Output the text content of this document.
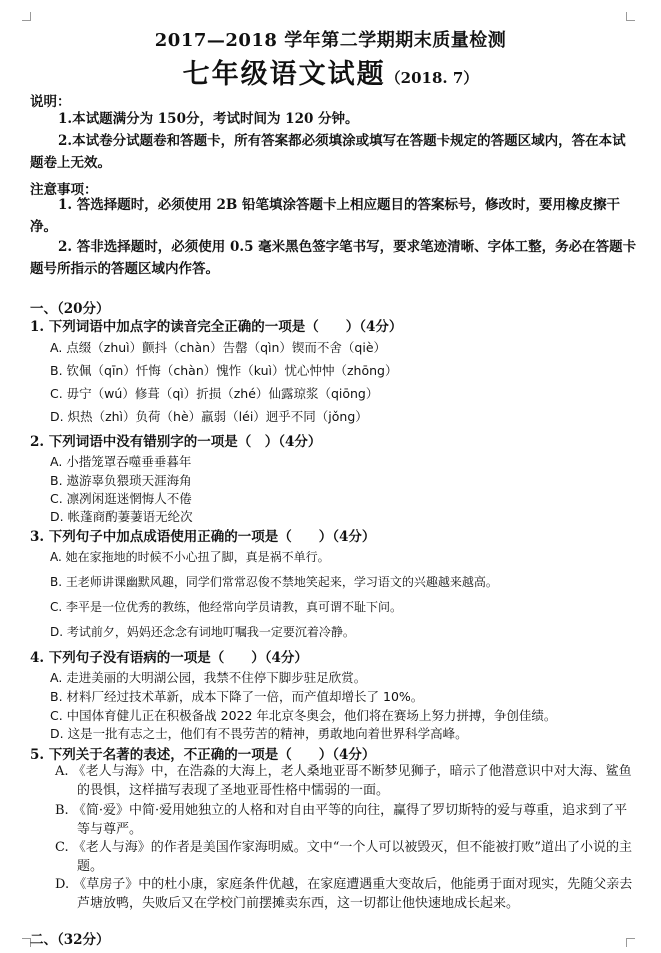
2017—2018 学年第二学期期末质量检测
七年级语文试题（2018. 7）
说明：
1.本试题满分为 150分，考试时间为 120 分钟。
2.本试卷分试题卷和答题卡，所有答案都必须填涂或填写在答题卡规定的答题区域内，答在本试题卷上无效。
注意事项：
1. 答选择题时，必须使用 2B 铅笔填涂答题卡上相应题目的答案标号，修改时，要用橡皮擦干净。
2. 答非选择题时，必须使用 0.5 毫米黑色签字笔书写，要求笔迹清晰、字体工整，务必在答题卡题号所指示的答题区域内作答。
一、（20分）
1. 下列词语中加点字的读音完全正确的一项是（　　）（4分）
A. 点缀（zhuì）颤抖（chàn）告罄（qìn）锲而不舍（qiè）
B. 钦佩（qīn）忏悔（chàn）愧怍（kuì）忧心忡忡（zhōng）
C. 毋宁（wú）修葺（qì）折损（zhé）仙露琼浆（qiōng）
D. 炽热（zhì）负荷（hè）羸弱（léi）迥乎不同（jǒng）
2. 下列词语中没有错别字的一项是（　）（4分）
A. 小揩笼罩吞噬垂垂暮年
B. 遨游辜负猥琐天涯海角
C. 凛冽闲逛迷惘悔人不倦
D. 帐蓬商酌萋萋语无纶次
3. 下列句子中加点成语使用正确的一项是（　　）（4分）
A. 她在家拖地的时候不小心扭了脚，真是祸不单行。
B. 王老师讲课幽默风趣，同学们常常忍俊不禁地笑起来，学习语文的兴趣越来越高。
C. 李平是一位优秀的教练，他经常向学员请教，真可谓不耻下问。
D. 考试前夕，妈妈还念念有词地叮嘱我一定要沉着冷静。
4. 下列句子没有语病的一项是（　　）（4分）
A. 走进美丽的大明湖公园，我禁不住停下脚步驻足欣赏。
B. 材料厂经过技术革新，成本下降了一倍，而产值却增长了 10%。
C. 中国体育健儿正在积极备战 2022 年北京冬奥会，他们将在赛场上努力拼搏，争创佳绩。
D. 这是一批有志之士，他们有不畏劳苦的精神，勇敢地向着世界科学高峰。
5. 下列关于名著的表述，不正确的一项是（　　）（4分）
A. 《老人与海》中，在浩淼的大海上，老人桑地亚哥不断梦见狮子，暗示了他潜意识中对大海、鲨鱼的畏惧，这样描写表现了圣地亚哥性格中懦弱的一面。
B. 《简·爱》中简·爱用她独立的人格和对自由平等的向往，赢得了罗切斯特的爱与尊重，追求到了平等与尊严。
C. 《老人与海》的作者是美国作家海明威。文中“一个人可以被毁灭，但不能被打败”道出了小说的主题。
D. 《草房子》中的杜小康，家庭条件优越，在家庭遭遇重大变故后，他能勇于面对现实，先随父亲去芦塘放鸭，失败后又在学校门前摆摊卖东西，这一切都让他快速地成长起来。
二、（32分）
